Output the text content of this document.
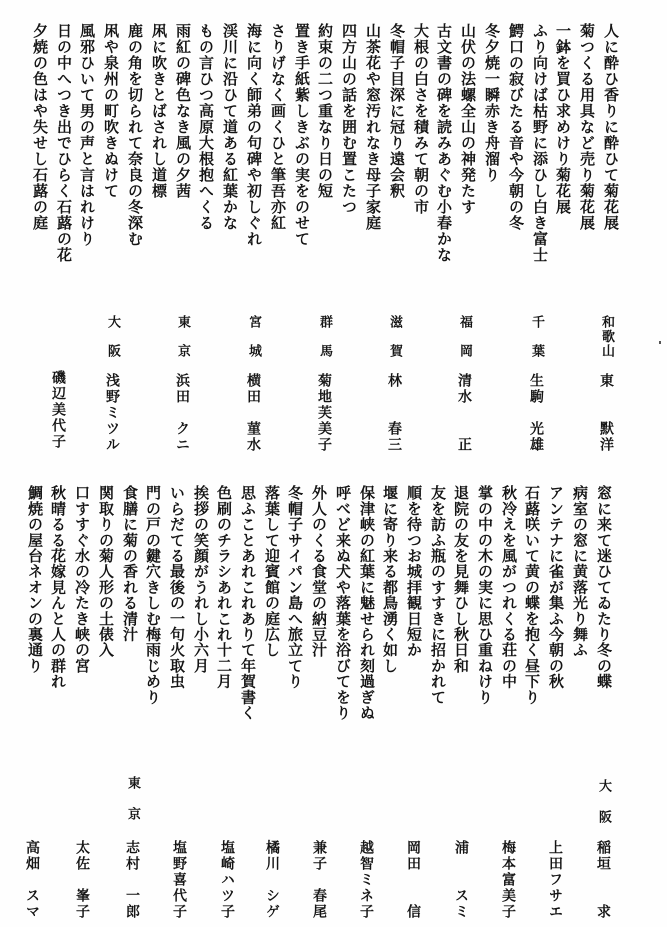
人に酔ひ香りに酔ひて菊花展
菊つくる用具など売り菊花展
一鉢を買ひ求めけり菊花展
ふり向けば枯野に添ひし白き富士
鰐口の寂びたる音や今朝の冬
冬夕焼一瞬赤き舟溜り
山伏の法螺全山の神発たす
古文書の碑を読みあぐむ小春かな
大根の白さを積みて朝の市
冬帽子目深に冠り遠会釈
山茶花や窓汚れなき母子家庭
四方山の話を囲む置こたつ
約束の二つ重なり日の短
置き手紙紫しきぶの実をのせて
さりげなく画くひと筆吾亦紅
海に向く師弟の句碑や初しぐれ
渓川に沿ひて道ある紅葉かな
もの言ひつ高原大根抱へくる
雨紅の碑色なき風の夕茜
凩に吹きとばされし道標
鹿の角を切られて奈良の冬深む
凩や泉州の町吹きぬけて
風邪ひいて男の声と言はれけり
日の中へつき出でひらく石蕗の花
夕焼の色はや失せし石蕗の庭
和歌山
東
默洋
千葉
生駒
光雄
福岡
清水
正
滋賀
林
春三
群馬
菊地
芙美子
宮城
横田
菫水
東京
浜田
クニ
大阪
浅野
ミツル
磯辺
美代子
窓に来て迷ひてゐたり冬の蝶
病室の窓に黄落光り舞ふ
アンテナに雀が集ふ今朝の秋
石蕗咲いて黄の蝶を抱く昼下り
秋冷えを風がつれくる荘の中
掌の中の木の実に思ひ重ねけり
退院の友を見舞ひし秋日和
友を訪ふ瓶のすすきに招かれて
順を待つお城拝観日短か
堰に寄り来る都鳥湧く如し
保津峡の紅葉に魅せられ刻過ぎぬ
呼べど来ぬ犬や落葉を浴びてをり
外人のくる食堂の納豆汁
冬帽子サイパン島へ旅立てり
落葉して迎賓館の庭広し
思ふことあれこれありて年賀書く
色刷のチラシあれこれ十二月
挨拶の笑顔がうれし小六月
いらだてる最後の一句火取虫
門の戸の鍵穴きしむ梅雨じめり
食膳に菊の香れる清汁
関取りの菊人形の土俵入
口すすぐ水の冷たき峡の宮
秋晴るる花嫁見んと人の群れ
鯛焼の屋台ネオンの裏通り
大阪
稲垣
求
上田
フサエ
梅本
富美子
浦
スミ
岡田
信
越智
ミネ子
兼子
春尾
橘川
シゲ
塩崎
ハツ子
塩野
喜代子
東京
志村
一郎
太佐
峯子
高畑
スマ
